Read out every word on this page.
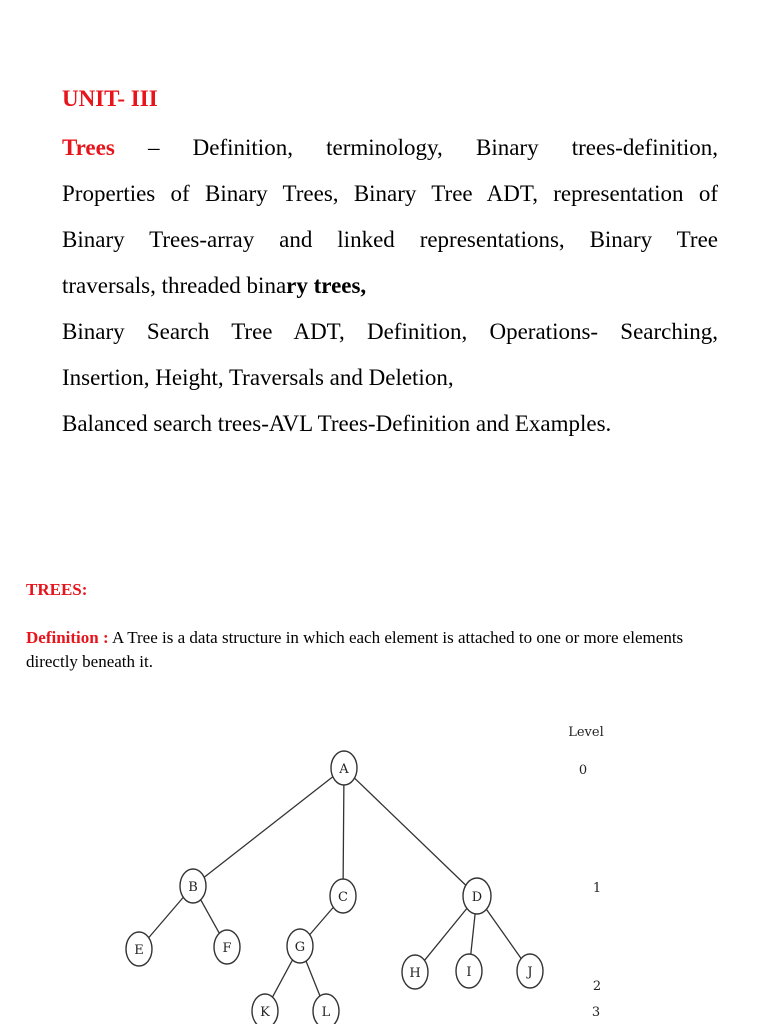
UNIT- III

Trees – Definition, terminology, Binary trees-definition,

Properties of Binary Trees, Binary Tree ADT, representation of

Binary Trees-array and linked representations, Binary Tree

traversals, threaded binary trees,

Binary Search Tree ADT, Definition, Operations- Searching,

Insertion, Height, Traversals and Deletion,

Balanced search trees-AVL Trees-Definition and Examples.

TREES:
Definition : A Tree is a data structure in which each element is attached to one or more elements directly beneath it.
A
B
C	D
E	F	G
H	I	J
K	L
Level
0
1
2
3
